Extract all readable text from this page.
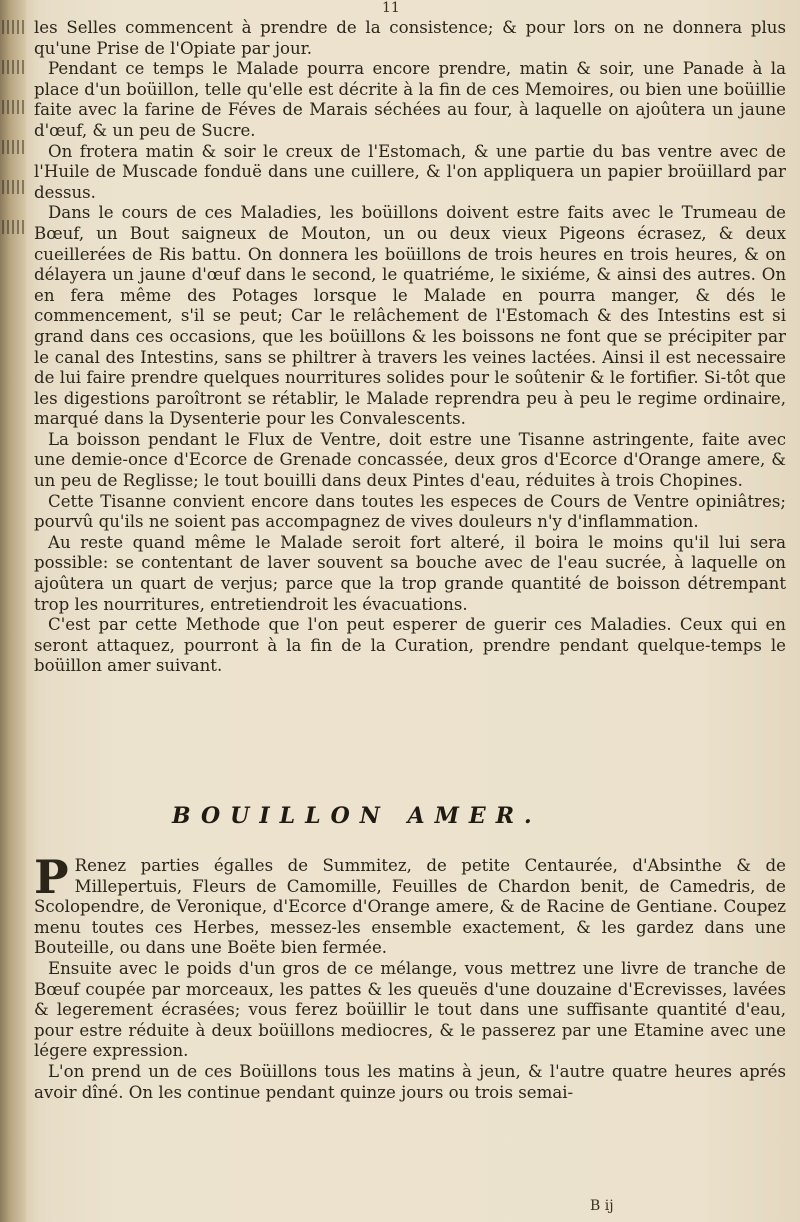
11

les Selles commencent à prendre de la consistence; & pour lors on ne donnera plus qu'une Prise de l'Opiate par jour.

Pendant ce temps le Malade pourra encore prendre, matin & soir, une Panade à la place d'un boüillon, telle qu'elle est décrite à la fin de ces Memoires, ou bien une boüillie faite avec la farine de Féves de Marais séchées au four, à laquelle on ajoûtera un jaune d'œuf, & un peu de Sucre.

On frotera matin & soir le creux de l'Estomach, & une partie du bas ventre avec de l'Huile de Muscade fonduë dans une cuillere, & l'on appliquera un papier broüillard par dessus.

Dans le cours de ces Maladies, les boüillons doivent estre faits avec le Trumeau de Bœuf, un Bout saigneux de Mouton, un ou deux vieux Pigeons écrasez, & deux cueillerées de Ris battu. On donnera les boüillons de trois heures en trois heures, & on délayera un jaune d'œuf dans le second, le quatriéme, le sixiéme, & ainsi des autres. On en fera même des Potages lorsque le Malade en pourra manger, & dés le commencement, s'il se peut; Car le relâchement de l'Estomach & des Intestins est si grand dans ces occasions, que les boüillons & les boissons ne font que se précipiter par le canal des Intestins, sans se philtrer à travers les veines lactées. Ainsi il est necessaire de lui faire prendre quelques nourritures solides pour le soûtenir & le fortifier. Si-tôt que les digestions paroîtront se rétablir, le Malade reprendra peu à peu le regime ordinaire, marqué dans la Dysenterie pour les Convalescents.

La boisson pendant le Flux de Ventre, doit estre une Tisanne astringente, faite avec une demie-once d'Ecorce de Grenade concassée, deux gros d'Ecorce d'Orange amere, & un peu de Reglisse; le tout bouilli dans deux Pintes d'eau, réduites à trois Chopines.

Cette Tisanne convient encore dans toutes les especes de Cours de Ventre opiniâtres; pourvû qu'ils ne soient pas accompagnez de vives douleurs n'y d'inflammation.

Au reste quand même le Malade seroit fort alteré, il boira le moins qu'il lui sera possible: se contentant de laver souvent sa bouche avec de l'eau sucrée, à laquelle on ajoûtera un quart de verjus; parce que la trop grande quantité de boisson détrempant trop les nourritures, entretiendroit les évacuations.

C'est par cette Methode que l'on peut esperer de guerir ces Maladies. Ceux qui en seront attaquez, pourront à la fin de la Curation, prendre pendant quelque-temps le boüillon amer suivant.

BOUILLON AMER.

P Renez parties égalles de Summitez, de petite Centaurée, d'Absinthe & de Millepertuis, Fleurs de Camomille, Feuilles de Chardon benit, de Camedris, de Scolopendre, de Veronique, d'Ecorce d'Orange amere, & de Racine de Gentiane. Coupez menu toutes ces Herbes, messez-les ensemble exactement, & les gardez dans une Bouteille, ou dans une Boëte bien fermée.

Ensuite avec le poids d'un gros de ce mélange, vous mettrez une livre de tranche de Bœuf coupée par morceaux, les pattes & les queuës d'une douzaine d'Ecrevisses, lavées & legerement écrasées; vous ferez boüillir le tout dans une suffisante quantité d'eau, pour estre réduite à deux boüillons mediocres, & le passerez par une Etamine avec une légere expression.

L'on prend un de ces Boüillons tous les matins à jeun, & l'autre quatre heures aprés avoir dîné. On les continue pendant quinze jours ou trois semai-

B ij
